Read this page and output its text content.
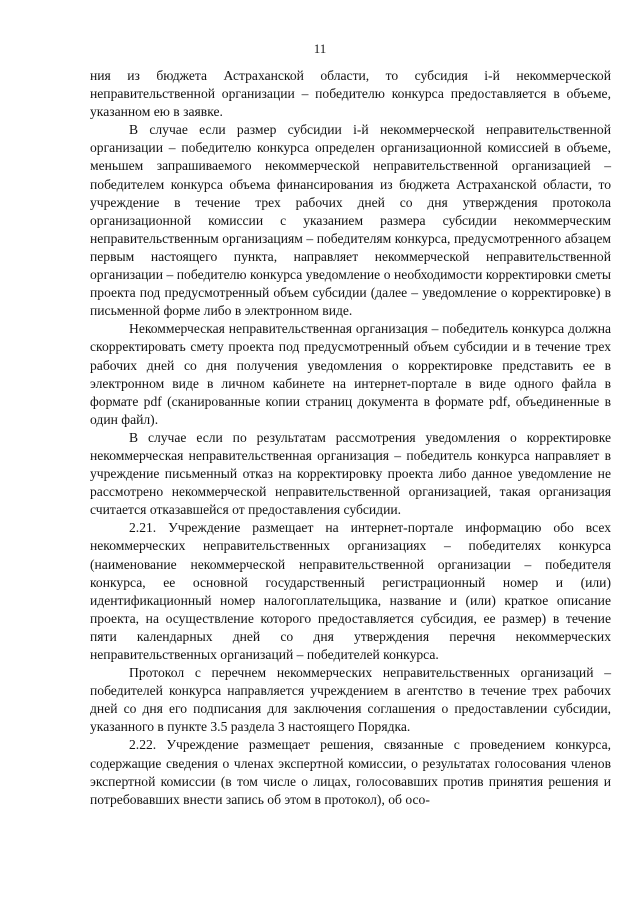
11

ния из бюджета Астраханской области, то субсидия i-й некоммерческой неправительственной организации – победителю конкурса предоставляется в объеме, указанном ею в заявке.

В случае если размер субсидии i-й некоммерческой неправительственной организации – победителю конкурса определен организационной комиссией в объеме, меньшем запрашиваемого некоммерческой неправительственной организацией – победителем конкурса объема финансирования из бюджета Астраханской области, то учреждение в течение трех рабочих дней со дня утверждения протокола организационной комиссии с указанием размера субсидии некоммерческим неправительственным организациям – победителям конкурса, предусмотренного абзацем первым настоящего пункта, направляет некоммерческой неправительственной организации – победителю конкурса уведомление о необходимости корректировки сметы проекта под предусмотренный объем субсидии (далее – уведомление о корректировке) в письменной форме либо в электронном виде.

Некоммерческая неправительственная организация – победитель конкурса должна скорректировать смету проекта под предусмотренный объем субсидии и в течение трех рабочих дней со дня получения уведомления о корректировке представить ее в электронном виде в личном кабинете на интернет-портале в виде одного файла в формате pdf (сканированные копии страниц документа в формате pdf, объединенные в один файл).

В случае если по результатам рассмотрения уведомления о корректировке некоммерческая неправительственная организация – победитель конкурса направляет в учреждение письменный отказ на корректировку проекта либо данное уведомление не рассмотрено некоммерческой неправительственной организацией, такая организация считается отказавшейся от предоставления субсидии.

2.21. Учреждение размещает на интернет-портале информацию обо всех некоммерческих неправительственных организациях – победителях конкурса (наименование некоммерческой неправительственной организации – победителя конкурса, ее основной государственный регистрационный номер и (или) идентификационный номер налогоплательщика, название и (или) краткое описание проекта, на осуществление которого предоставляется субсидия, ее размер) в течение пяти календарных дней со дня утверждения перечня некоммерческих неправительственных организаций – победителей конкурса.

Протокол с перечнем некоммерческих неправительственных организаций – победителей конкурса направляется учреждением в агентство в течение трех рабочих дней со дня его подписания для заключения соглашения о предоставлении субсидии, указанного в пункте 3.5 раздела 3 настоящего Порядка.

2.22. Учреждение размещает решения, связанные с проведением конкурса, содержащие сведения о членах экспертной комиссии, о результатах голосования членов экспертной комиссии (в том числе о лицах, голосовавших против принятия решения и потребовавших внести запись об этом в протокол), об осо-
